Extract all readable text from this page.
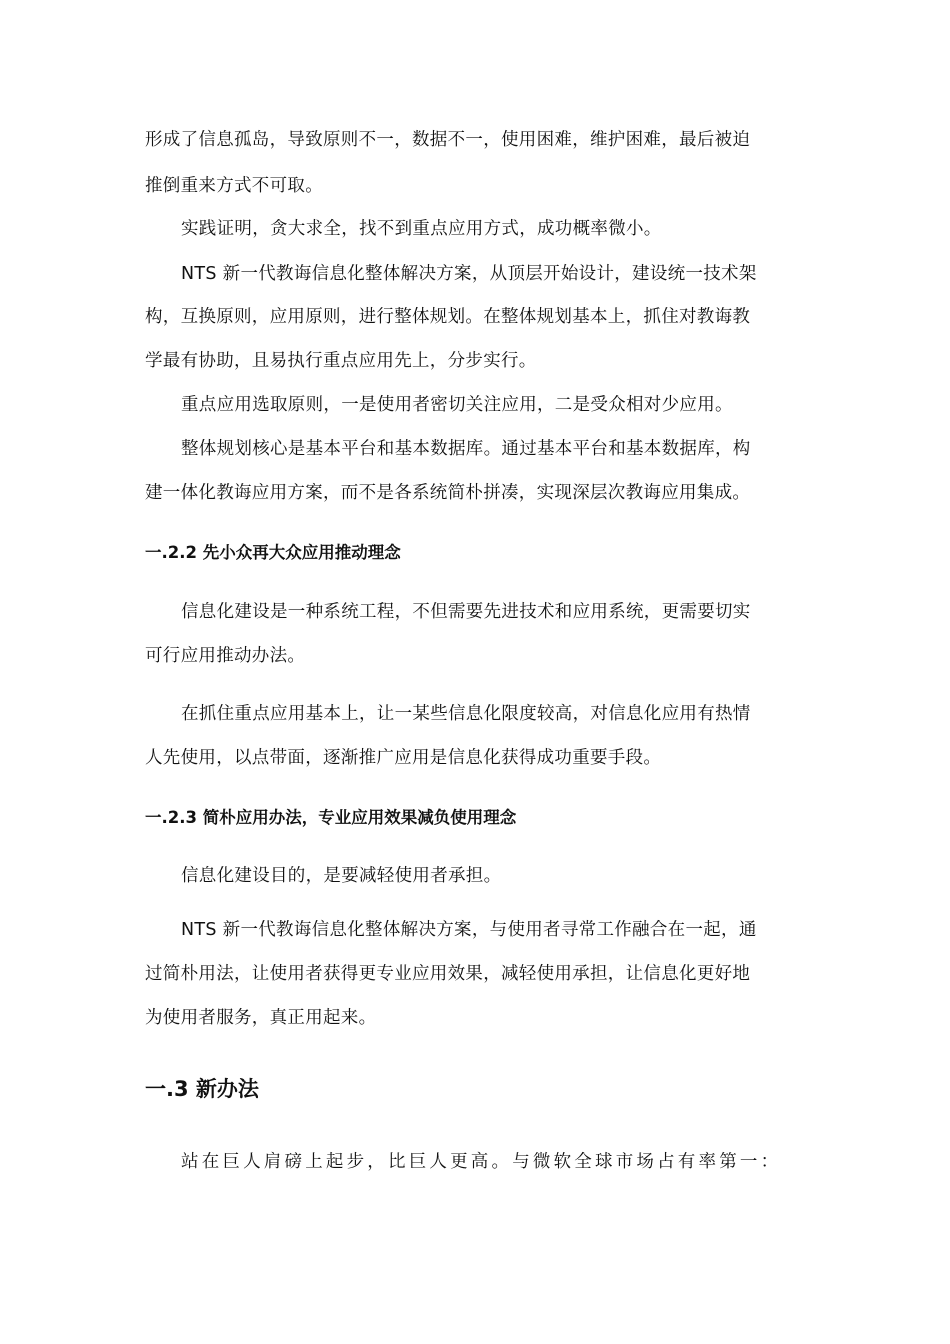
形成了信息孤岛，导致原则不一，数据不一，使用困难，维护困难，最后被迫
推倒重来方式不可取。
实践证明，贪大求全，找不到重点应用方式，成功概率微小。
NTS 新一代教诲信息化整体解决方案，从顶层开始设计，建设统一技术架
构，互换原则，应用原则，进行整体规划。在整体规划基本上，抓住对教诲教
学最有协助，且易执行重点应用先上，分步实行。
重点应用选取原则，一是使用者密切关注应用，二是受众相对少应用。
整体规划核心是基本平台和基本数据库。通过基本平台和基本数据库，构
建一体化教诲应用方案，而不是各系统简朴拼凑，实现深层次教诲应用集成。
一.2.2 先小众再大众应用推动理念
信息化建设是一种系统工程，不但需要先进技术和应用系统，更需要切实
可行应用推动办法。
在抓住重点应用基本上，让一某些信息化限度较高，对信息化应用有热情
人先使用，以点带面，逐渐推广应用是信息化获得成功重要手段。
一.2.3 简朴应用办法，专业应用效果减负使用理念
信息化建设目的，是要减轻使用者承担。
NTS 新一代教诲信息化整体解决方案，与使用者寻常工作融合在一起，通
过简朴用法，让使用者获得更专业应用效果，减轻使用承担，让信息化更好地
为使用者服务，真正用起来。
一.3 新办法
站在巨人肩磅上起步，比巨人更高。与微软全球市场占有率第一：
